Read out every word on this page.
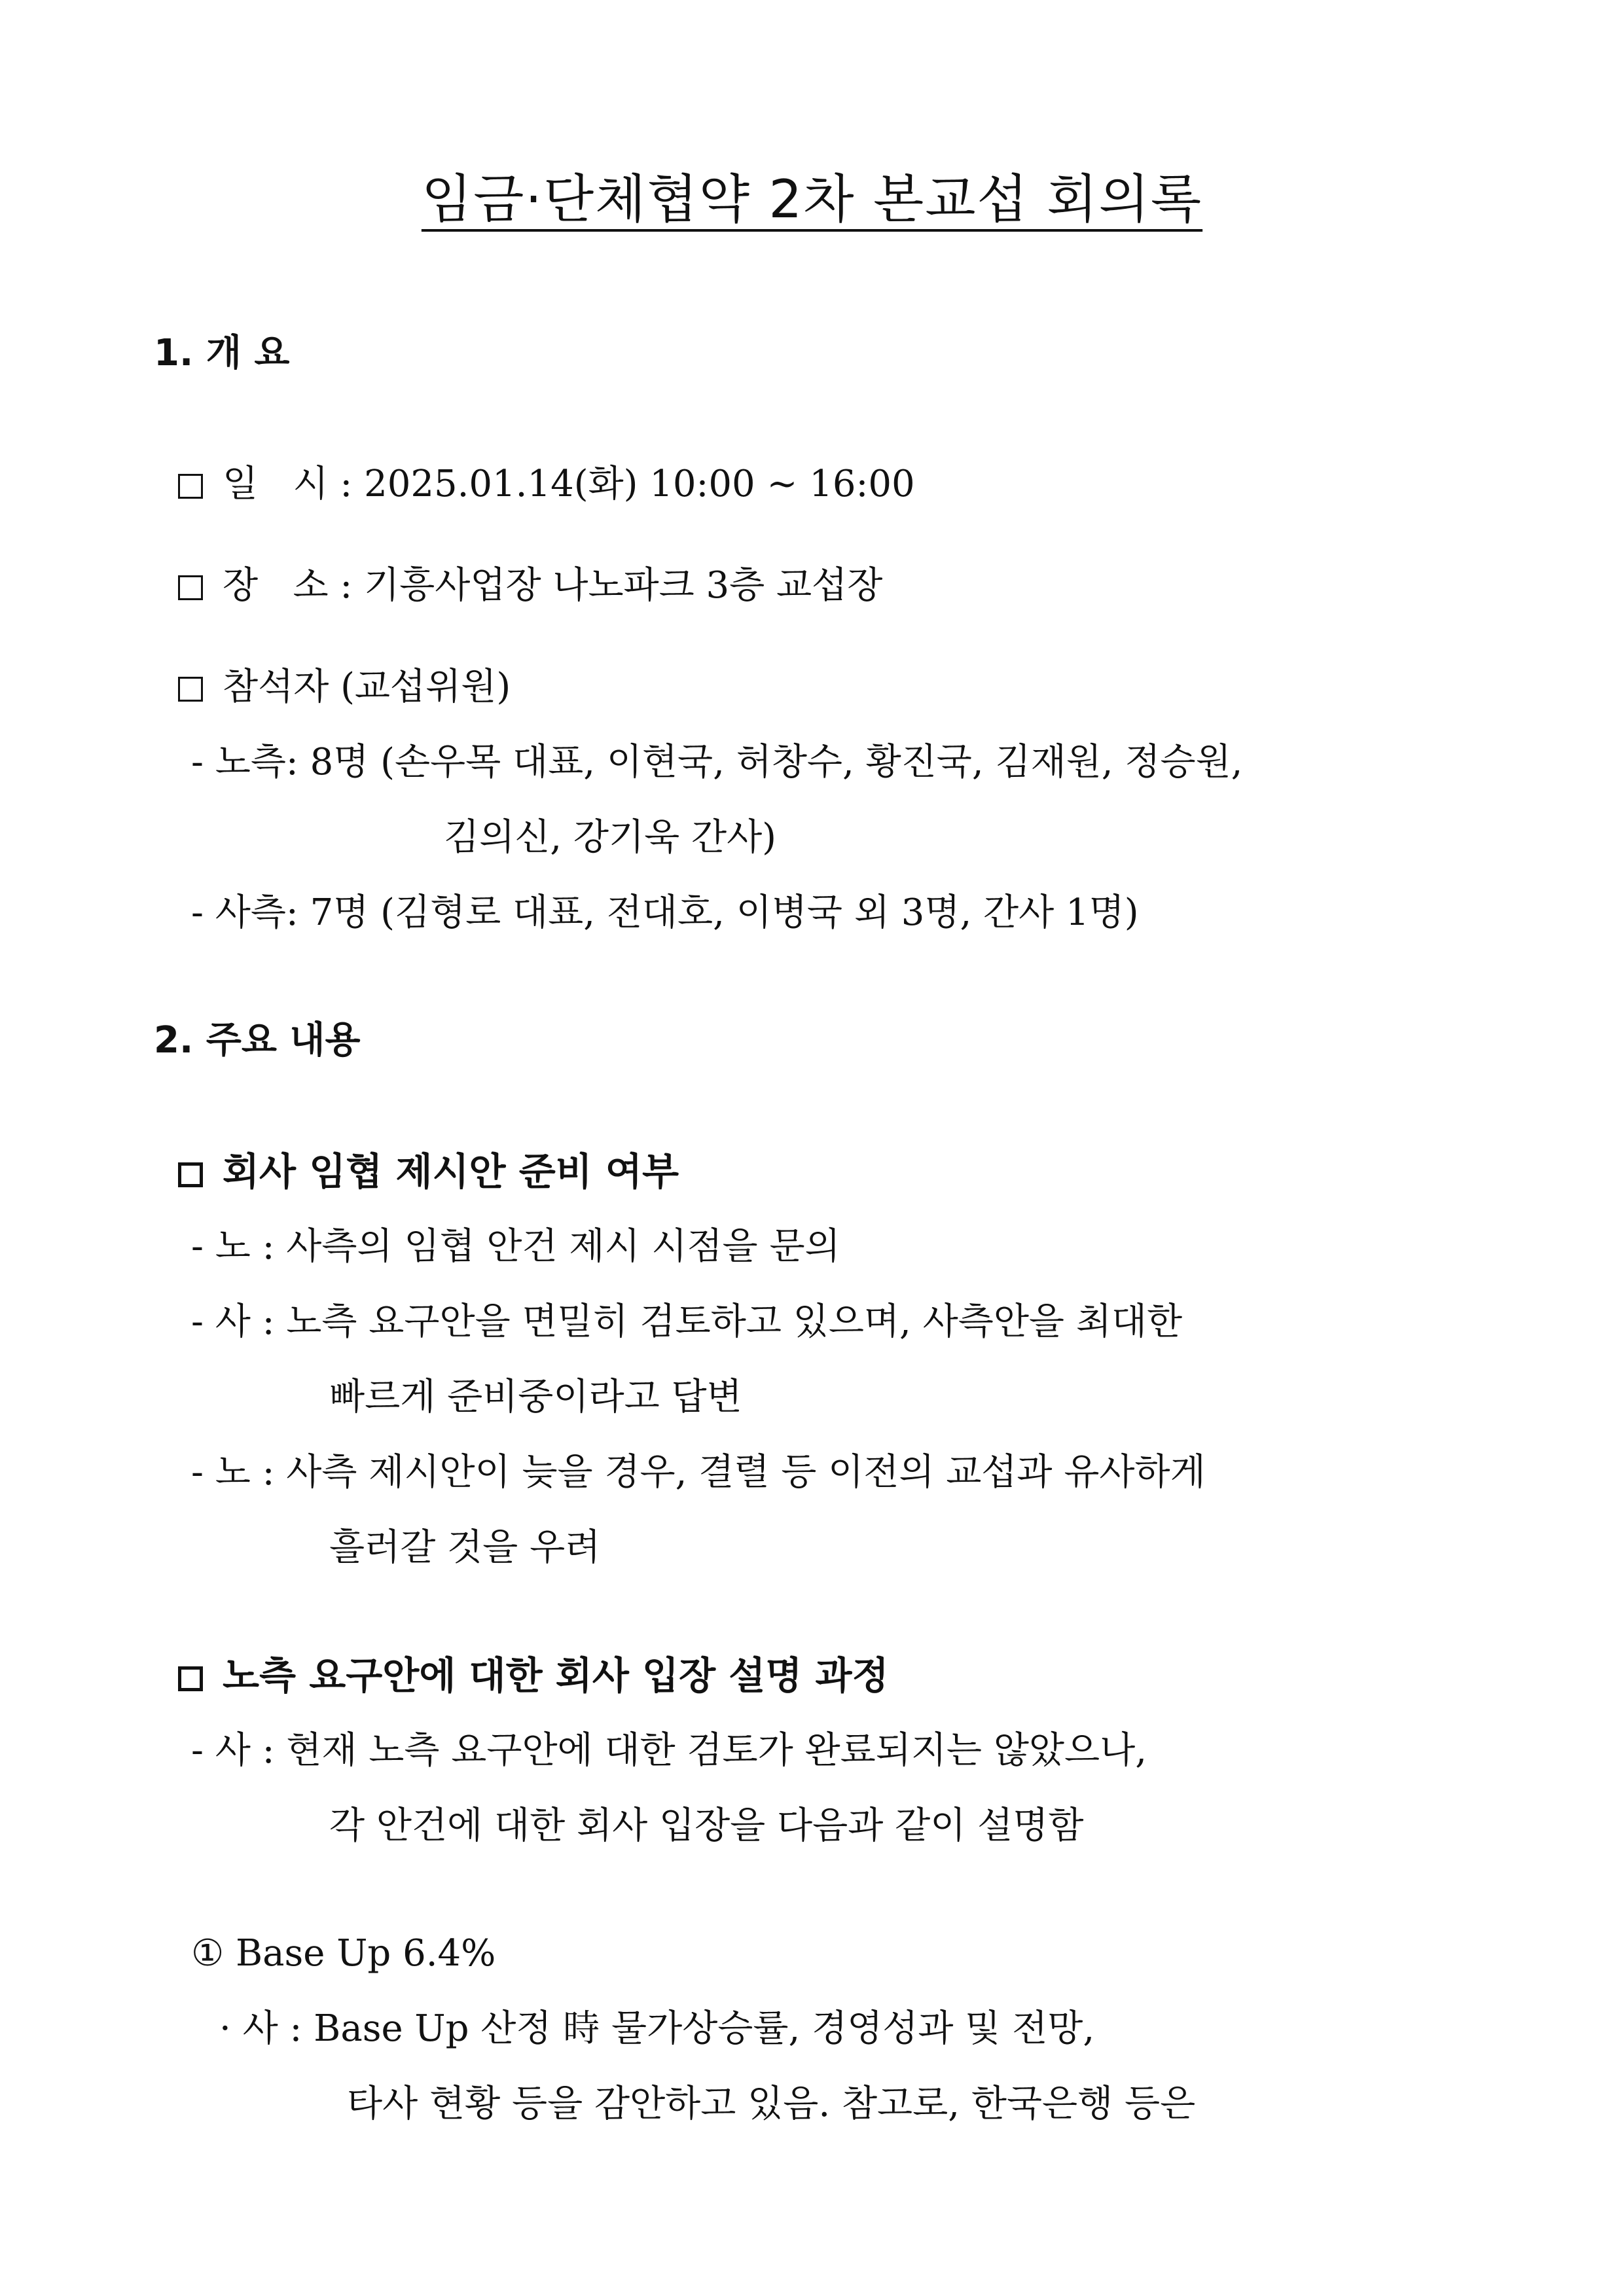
임금·단체협약 2차 본교섭 회의록
1. 개 요
일   시 : 2025.01.14(화) 10:00 ~ 16:00
장   소 : 기흥사업장 나노파크 3층 교섭장
참석자 (교섭위원)
- 노측: 8명 (손우목 대표, 이현국, 허창수, 황진국, 김재원, 정승원,
김의신, 강기욱 간사)
- 사측: 7명 (김형로 대표, 전대호, 이병국 외 3명, 간사 1명)
2. 주요 내용
회사 임협 제시안 준비 여부
- 노 : 사측의 임협 안건 제시 시점을 문의
- 사 : 노측 요구안을 면밀히 검토하고 있으며, 사측안을 최대한
빠르게 준비중이라고 답변
- 노 : 사측 제시안이 늦을 경우, 결렬 등 이전의 교섭과 유사하게
흘러갈 것을 우려
노측 요구안에 대한 회사 입장 설명 과정
- 사 : 현재 노측 요구안에 대한 검토가 완료되지는 않았으나,
각 안건에 대한 회사 입장을 다음과 같이 설명함
① Base Up 6.4%
· 사 : Base Up 산정 時 물가상승률, 경영성과 및 전망,
타사 현황 등을 감안하고 있음. 참고로, 한국은행 등은
